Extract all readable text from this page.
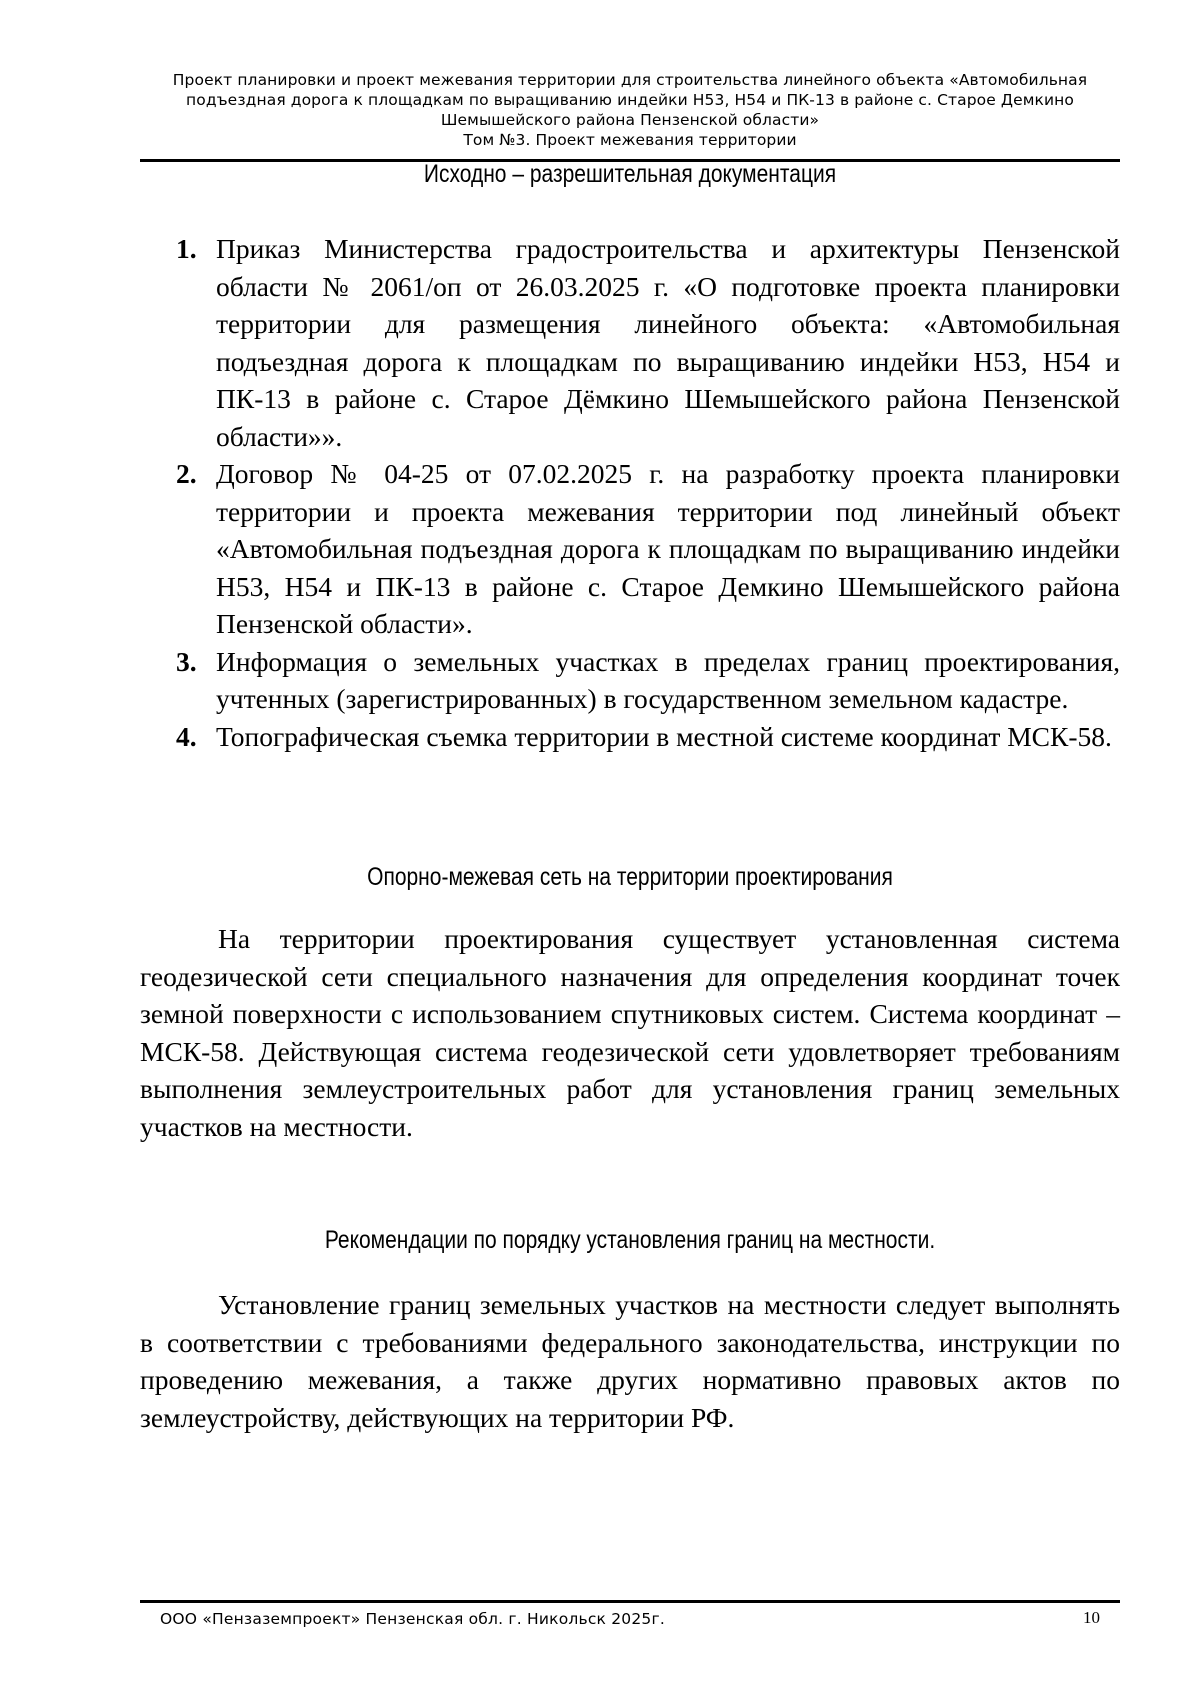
Проект планировки и проект межевания территории для строительства линейного объекта «Автомобильная
подъездная дорога к площадкам по выращиванию индейки Н53, Н54 и ПК-13 в районе с. Старое Демкино
Шемышейского района Пензенской области»
Том №3. Проект межевания территории
Исходно – разрешительная документация
1. Приказ Министерства градостроительства и архитектуры Пензенской области № 2061/оп от 26.03.2025 г. «О подготовке проекта планировки территории для размещения линейного объекта: «Автомобильная подъездная дорога к площадкам по выращиванию индейки Н53, Н54 и ПК-13 в районе с. Старое Дёмкино Шемышейского района Пензенской области»».
2. Договор № 04-25 от 07.02.2025 г. на разработку проекта планировки территории и проекта межевания территории под линейный объект «Автомобильная подъездная дорога к площадкам по выращиванию индейки Н53, Н54 и ПК-13 в районе с. Старое Демкино Шемышейского района Пензенской области».
3. Информация о земельных участках в пределах границ проектирования, учтенных (зарегистрированных) в государственном земельном кадастре.
4. Топографическая съемка территории в местной системе координат МСК-58.
Опорно-межевая сеть на территории проектирования

На территории проектирования существует установленная система геодезической сети специального назначения для определения координат точек земной поверхности с использованием спутниковых систем. Система координат – МСК-58. Действующая система геодезической сети удовлетворяет требованиям выполнения землеустроительных работ для установления границ земельных участков на местности.

Рекомендации по порядку установления границ на местности.

Установление границ земельных участков на местности следует выполнять в соответствии с требованиями федерального законодательства, инструкции по проведению межевания, а также других нормативно правовых актов по землеустройству, действующих на территории РФ.

ООО «Пензаземпроект» Пензенская обл. г. Никольск 2025г.	10
